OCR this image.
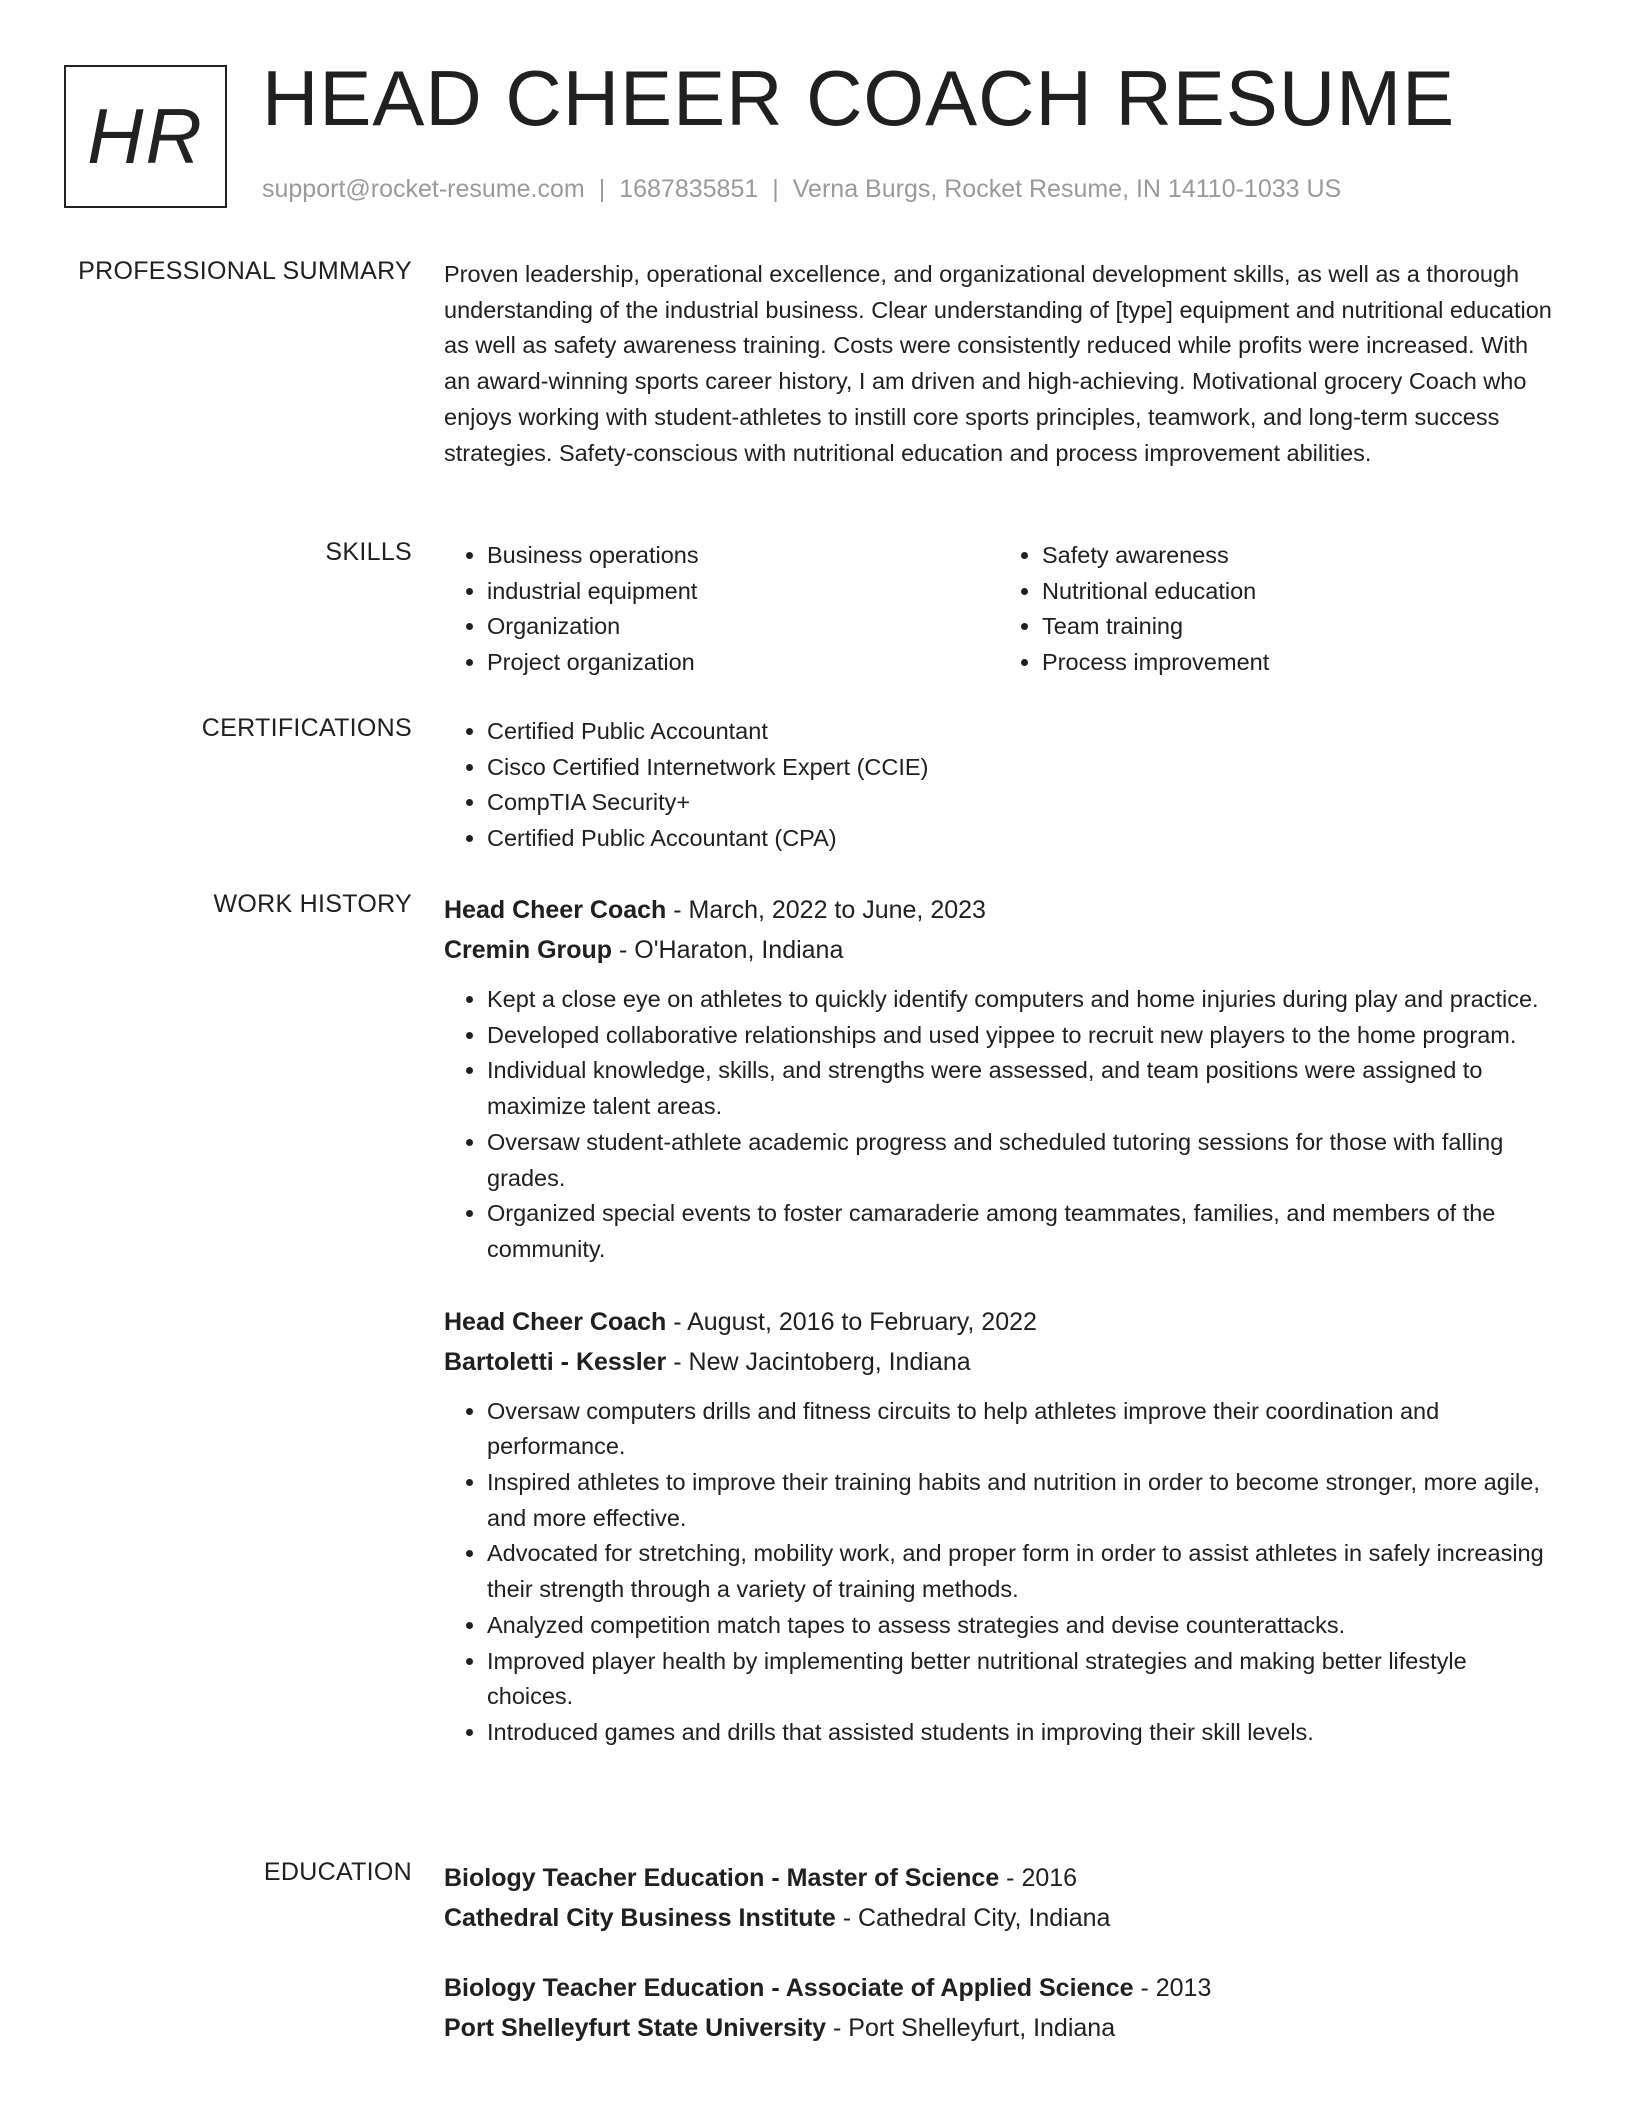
HR HEAD CHEER COACH RESUME
support@rocket-resume.com | 1687835851 | Verna Burgs, Rocket Resume, IN 14110-1033 US
PROFESSIONAL SUMMARY Proven leadership, operational excellence, and organizational development skills, as well as a thorough understanding of the industrial business. Clear understanding of [type] equipment and nutritional education as well as safety awareness training. Costs were consistently reduced while profits were increased. With an award-winning sports career history, I am driven and high-achieving. Motivational grocery Coach who enjoys working with student-athletes to instill core sports principles, teamwork, and long-term success strategies. Safety-conscious with nutritional education and process improvement abilities.
SKILLS	• Business operations
• industrial equipment
• Organization
• Project organization
• Safety awareness
• Nutritional education
• Team training
• Process improvement
CERTIFICATIONS	• Certified Public Accountant
• Cisco Certified Internetwork Expert (CCIE)
• CompTIA Security+
• Certified Public Accountant (CPA)
WORK HISTORY Head Cheer Coach - March, 2022 to June, 2023
Cremin Group - O'Haraton, Indiana
• Kept a close eye on athletes to quickly identify computers and home injuries during play and practice.
• Developed collaborative relationships and used yippee to recruit new players to the home program.
• Individual knowledge, skills, and strengths were assessed, and team positions were assigned to maximize talent areas.
• Oversaw student-athlete academic progress and scheduled tutoring sessions for those with falling grades.
• Organized special events to foster camaraderie among teammates, families, and members of the community.
Head Cheer Coach - August, 2016 to February, 2022
Bartoletti - Kessler - New Jacintoberg, Indiana
• Oversaw computers drills and fitness circuits to help athletes improve their coordination and performance.
• Inspired athletes to improve their training habits and nutrition in order to become stronger, more agile, and more effective.
• Advocated for stretching, mobility work, and proper form in order to assist athletes in safely increasing their strength through a variety of training methods.
• Analyzed competition match tapes to assess strategies and devise counterattacks.
• Improved player health by implementing better nutritional strategies and making better lifestyle choices.
• Introduced games and drills that assisted students in improving their skill levels.
EDUCATION Biology Teacher Education - Master of Science - 2016
Cathedral City Business Institute - Cathedral City, Indiana
Biology Teacher Education - Associate of Applied Science - 2013
Port Shelleyfurt State University - Port Shelleyfurt, Indiana
